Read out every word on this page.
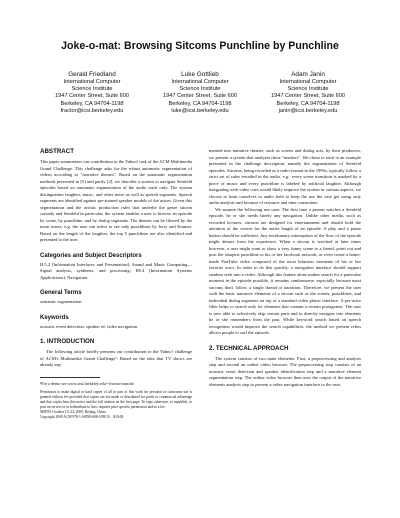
Joke-o-mat: Browsing Sitcoms Punchline by Punchline
Gerald Friedland
International Computer
Science Institute
1947 Center Street, Suite 600
Berkeley, CA 94704-1198
fractor@icsi.berkeley.edu
Luke Gottlieb
International Computer
Science Institute
1947 Center Street, Suite 600
Berkeley, CA 94704-1198
luke@icsi.berkeley.edu
Adam Janin
International Computer
Science Institute
1947 Center Street, Suite 600
Berkeley, CA 94704-1198
janin@icsi.berkeley.edu
ABSTRACT

This paper summarizes our contribution to the Yahoo! task of the ACM Multimedia Grand Challenge. This challenge asks for the robust automatic segmentation of videos according to "narrative themes". Based on the automatic segmentation methods presented in [5] and partly [2], we describe a system to navigate Seinfeld episodes based on automatic segmentation of the audio track only. The system distinguishes laughter, music, and other noise as well as speech segments. Speech segments are identified against pre-trained speaker models of the actors. Given this segmentation and the artistic production rules that underlie the genre sitcom comedy and Seinfeld in particular, the system enables a user to browse an episode by scene, by punchline, and by dialog segments. The themes can be filtered by the main actors, e.g. the user can select to see only punchlines by Jerry and Kramer. Based on the length of the laughter, the top 5 punchlines are also identified and presented to the user.

Categories and Subject Descriptors

H.5.2 [Information Interfaces and Presentation]: Sound and Music Computing—Signal analysis, synthesis, and processing; H5.4 [Information Systems Applications]: Navigation

General Terms

semantic segmentation

Keywords

acoustic event detection, speaker id, video navigation

1. INTRODUCTION

The following article briefly presents our contribution to the Yahoo! challenge of ACM's Multimedia Grand Challenge¹. Based on the idea that TV shows are already seg-

¹For a demo see www.icsi.berkeley.edu/~fractor/mmchi/

Permission to make digital or hard copies of all or part of this work for personal or classroom use is granted without fee provided that copies are not made or distributed for profit or commercial advantage and that copies bear this notice and the full citation on the first page. To copy otherwise, to republish, to post on servers or to redistribute to lists, requires prior specific permission and/or a fee.

MM'09, October 19–24, 2009, Beijing, China.

Copyright 2009 ACM 978-1-60558-608-3/09/10 ...$10.00.

mented into narrative themes, such as scenes and dialog acts, by their producers, we present a system that analyzes these "markers". We chose to stick to an example presented in the challenge description, namely the segmentation of Seinfeld episodes. Sitcoms, being recorded as a radio-format in the 1990s, typically follow a strict set of rules encoded in the audio, e.g.: every scene transition is marked by a piece of music and every punchline is labeled by artificial laughter. Although integrating with video cues would likely improve the system in various aspects, we choose to limit ourselves to audio both to keep the use the case get using only audio analysis and because of resource and time constraints.

We assume the following use case: The first time a person watches a Seinfeld episode, he or she needs barely any navigation. Unlike other media, such as recorded lectures, sitcoms are designed for entertainment and should hold the attention of the viewer for the entire length of an episode. A play and a pause button should be sufficient. Any involuntary interruption of the flow of the episode might detract from the experience. When a sitcom is watched at later times however, a user might want to show a very funny scene to a friend, point out and post the sharpest punchline to his or her facebook network, or even create a home-made YouTube video composed of the most hilarious moments of his or her favorite actor. In order to do this quickly, a navigation interface should support random seek into a video. Although this feature alone makes search for a particular moment in the episode possible, it remains cumbersome, especially because most sitcoms don't follow a single thread of narration. Therefore, we present the user with the basic narrative elements of a sitcom such as the scenes, punchlines, and individual dialog segments on top of a standard video player interface. A per-actor filter helps to search only for elements that contain a certain protagonist. The user is now able to selectively skip certain parts and to directly navigate into elements he or she remembers from the past. While keyword search based on speech recognition would improve the search capabilities, the method we present relies allows people to surf the episode.

2. TECHNICAL APPROACH

The system consists of two main elements: First, a preprocessing and analysis step and second an online video browser. The preprocessing step consists of an acoustic event detection and speaker identification step and a narrative element segmentation step. The online video browser then uses the output of the narrative elements analysis step to present a video navigation interface to the user.
